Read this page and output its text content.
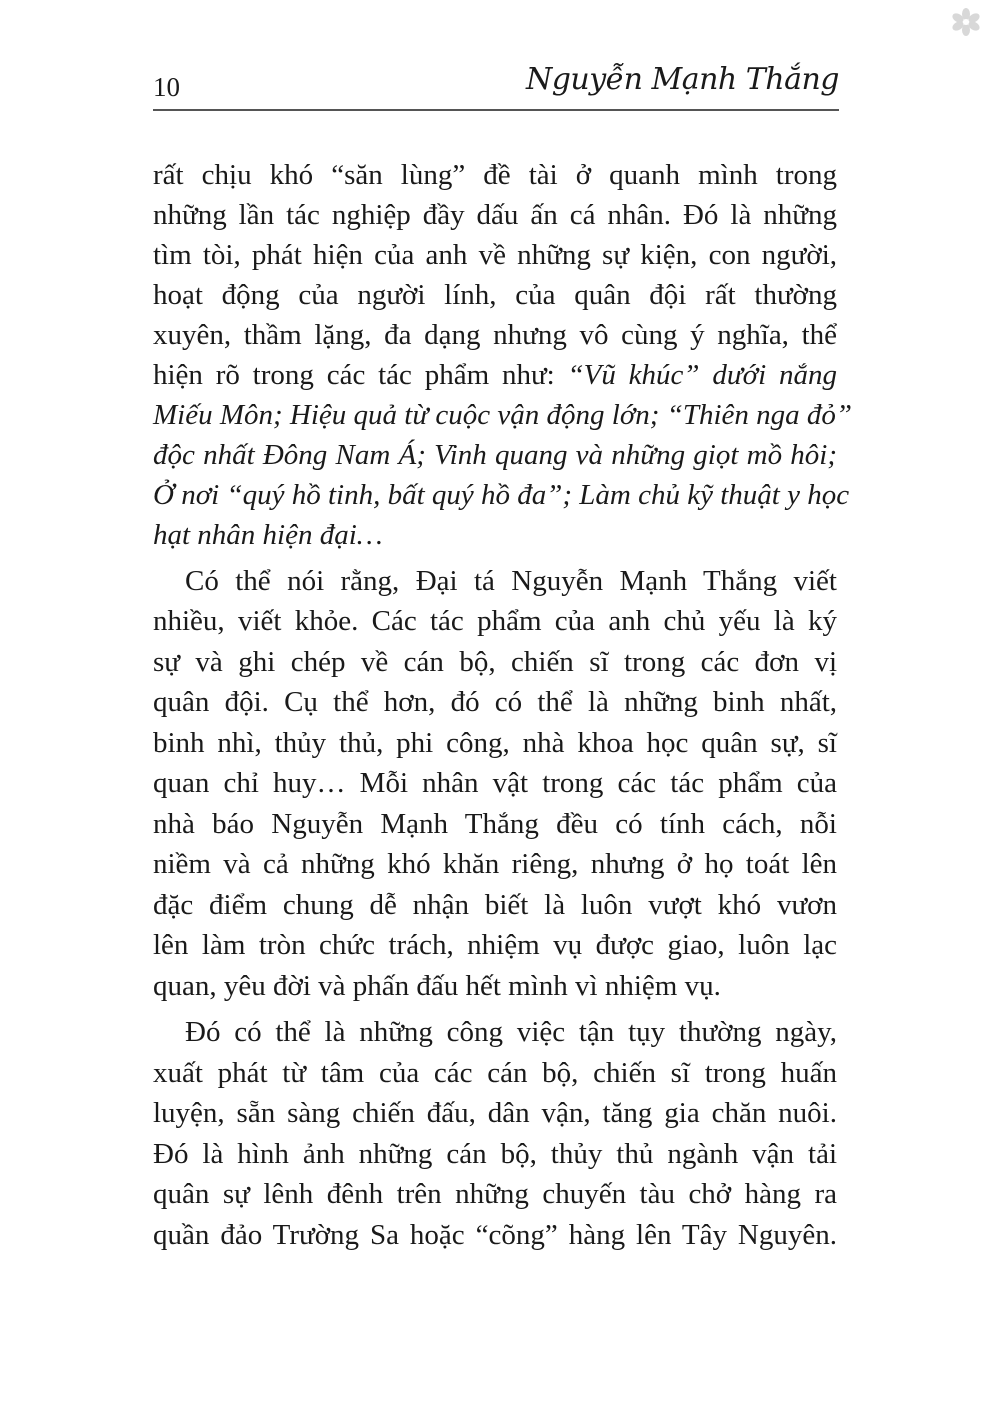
10	Nguyễn Mạnh Thắng
rất chịu khó “săn lùng” đề tài ở quanh mình trong
những lần tác nghiệp đầy dấu ấn cá nhân. Đó là những
tìm tòi, phát hiện của anh về những sự kiện, con người,
hoạt động của người lính, của quân đội rất thường
xuyên, thầm lặng, đa dạng nhưng vô cùng ý nghĩa, thể
hiện rõ trong các tác phẩm như: “Vũ khúc” dưới nắng
Miếu Môn; Hiệu quả từ cuộc vận động lớn; “Thiên nga đỏ”
độc nhất Đông Nam Á; Vinh quang và những giọt mồ hôi;
Ở nơi “quý hồ tinh, bất quý hồ đa”; Làm chủ kỹ thuật y học
hạt nhân hiện đại…
Có thể nói rằng, Đại tá Nguyễn Mạnh Thắng viết
nhiều, viết khỏe. Các tác phẩm của anh chủ yếu là ký
sự và ghi chép về cán bộ, chiến sĩ trong các đơn vị
quân đội. Cụ thể hơn, đó có thể là những binh nhất,
binh nhì, thủy thủ, phi công, nhà khoa học quân sự, sĩ
quan chỉ huy… Mỗi nhân vật trong các tác phẩm của
nhà báo Nguyễn Mạnh Thắng đều có tính cách, nỗi
niềm và cả những khó khăn riêng, nhưng ở họ toát lên
đặc điểm chung dễ nhận biết là luôn vượt khó vươn
lên làm tròn chức trách, nhiệm vụ được giao, luôn lạc
quan, yêu đời và phấn đấu hết mình vì nhiệm vụ.
Đó có thể là những công việc tận tụy thường ngày,
xuất phát từ tâm của các cán bộ, chiến sĩ trong huấn
luyện, sẵn sàng chiến đấu, dân vận, tăng gia chăn nuôi.
Đó là hình ảnh những cán bộ, thủy thủ ngành vận tải
quân sự lênh đênh trên những chuyến tàu chở hàng ra
quần đảo Trường Sa hoặc “cõng” hàng lên Tây Nguyên.
